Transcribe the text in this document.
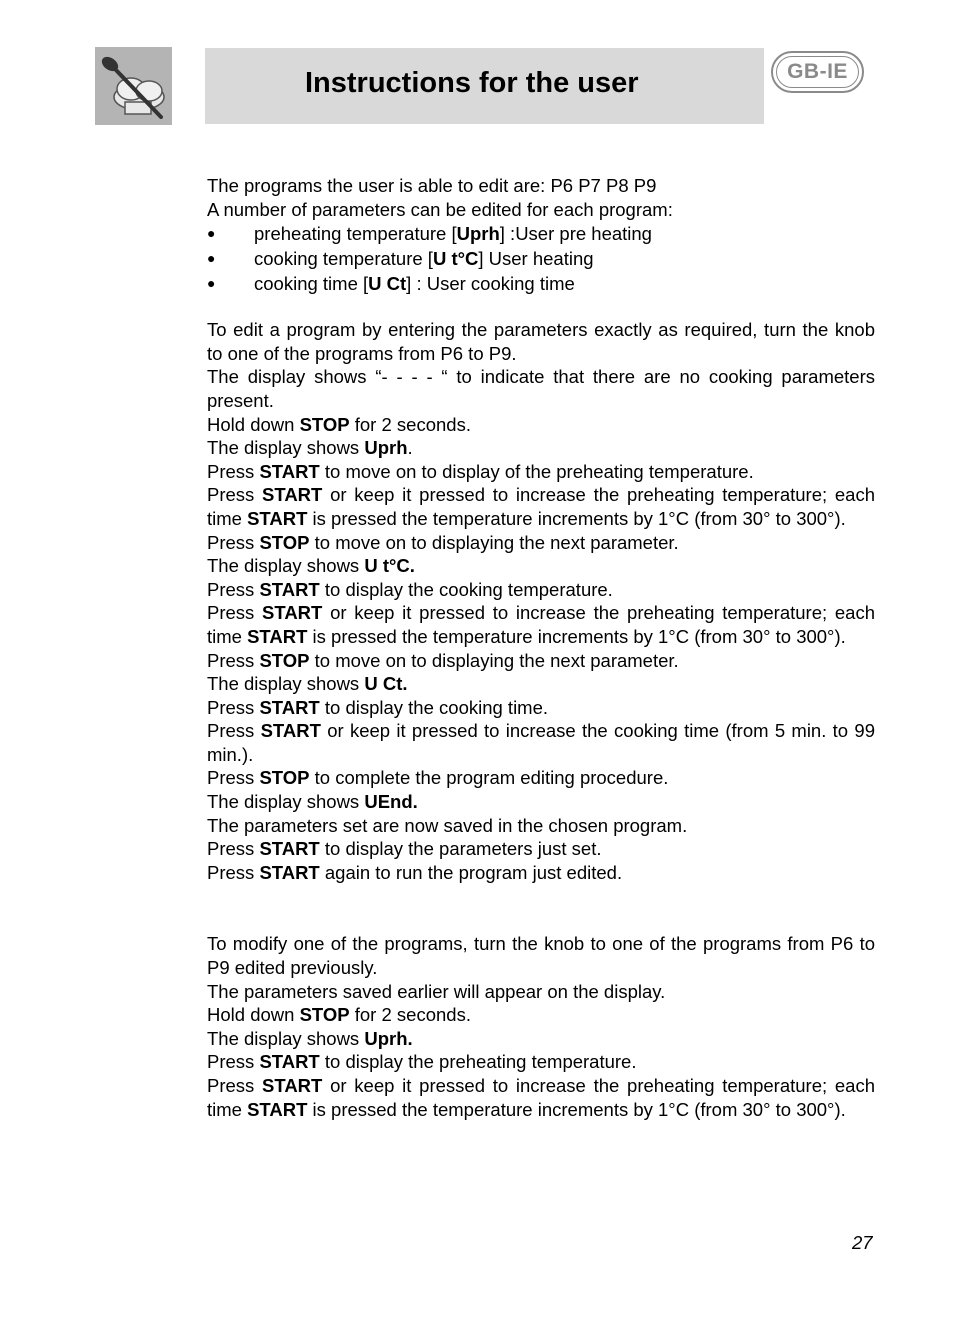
Instructions for the user	GB-IE

The programs the user is able to edit are: P6 P7 P8 P9

A number of parameters can be edited for each program:

● preheating temperature [Uprh] :User pre heating
● cooking temperature [U t°C] User heating
● cooking time [U Ct] : User cooking time

To edit a program by entering the parameters exactly as required, turn the knob to one of the programs from P6 to P9.

The display shows “- - - - “ to indicate that there are no cooking parameters present.

Hold down STOP for 2 seconds.

The display shows Uprh.

Press START to move on to display of the preheating temperature.

Press START or keep it pressed to increase the preheating temperature; each time START is pressed the temperature increments by 1°C (from 30° to 300°).

Press STOP to move on to displaying the next parameter.

The display shows U t°C.

Press START to display the cooking temperature.

Press START or keep it pressed to increase the preheating temperature; each time START is pressed the temperature increments by 1°C (from 30° to 300°).

Press STOP to move on to displaying the next parameter.

The display shows U Ct.

Press START to display the cooking time.

Press START or keep it pressed to increase the cooking time (from 5 min. to 99 min.).

Press STOP to complete the program editing procedure.

The display shows UEnd.

The parameters set are now saved in the chosen program.

Press START to display the parameters just set.

Press START again to run the program just edited.

To modify one of the programs, turn the knob to one of the programs from P6 to P9 edited previously.

The parameters saved earlier will appear on the display.

Hold down STOP for 2 seconds.

The display shows Uprh.

Press START to display the preheating temperature.

Press START or keep it pressed to increase the preheating temperature; each time START is pressed the temperature increments by 1°C (from 30° to 300°).

27
